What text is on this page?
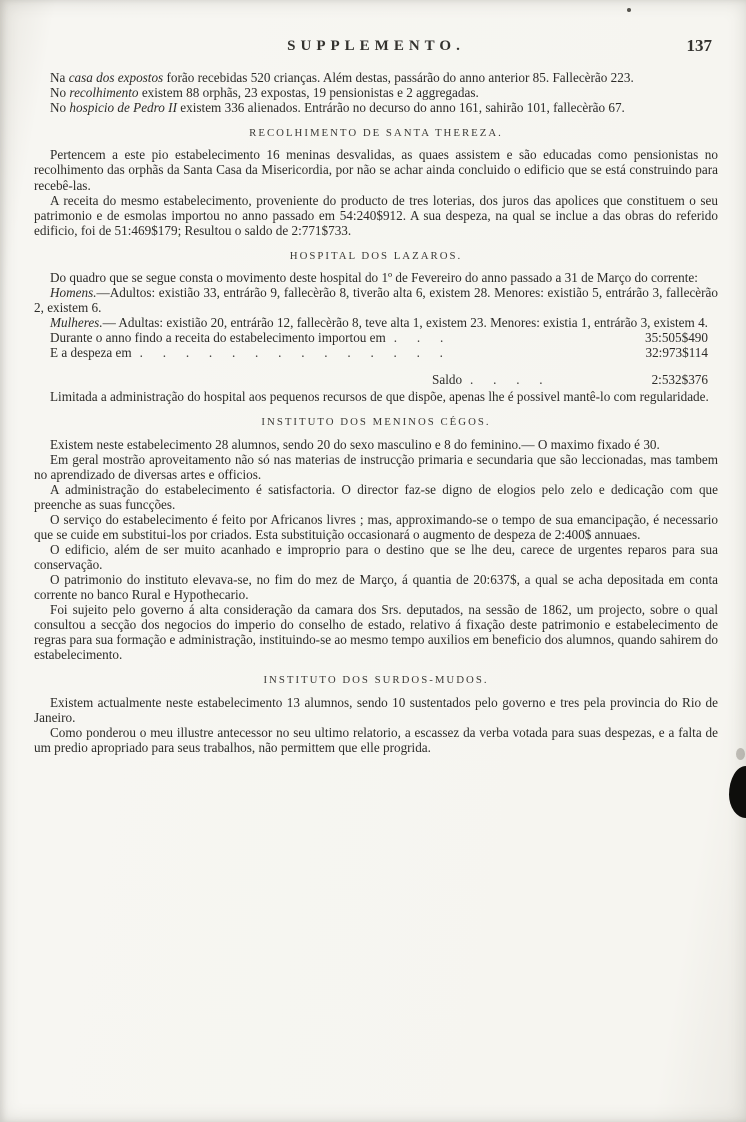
SUPPLEMENTO.	137

Na casa dos expostos forão recebidas 520 crianças. Além destas, passárão do anno anterior 85. Fallecèrão 223.

No recolhimento existem 88 orphãs, 23 expostas, 19 pensionistas e 2 aggregadas.

No hospicio de Pedro II existem 336 alienados. Entrárão no decurso do anno 161, sahirão 101, fallecèrão 67.

RECOLHIMENTO DE SANTA THEREZA.

Pertencem a este pio estabelecimento 16 meninas desvalidas, as quaes assistem e são educadas como pensionistas no recolhimento das orphãs da Santa Casa da Misericordia, por não se achar ainda concluido o edificio que se está construindo para recebê-las.

A receita do mesmo estabelecimento, proveniente do producto de tres loterias, dos juros das apolices que constituem o seu patrimonio e de esmolas importou no anno passado em 54:240$912. A sua despeza, na qual se inclue a das obras do referido edificio, foi de 51:469$179; Resultou o saldo de 2:771$733.

HOSPITAL DOS LAZAROS.

Do quadro que se segue consta o movimento deste hospital do 1º de Fevereiro do anno passado a 31 de Março do corrente:

Homens.—Adultos: existião 33, entrárão 9, fallecèrão 8, tiverão alta 6, existem 28. Menores: existião 5, entrárão 3, fallecèrão 2, existem 6.

Mulheres.— Adultas: existião 20, entrárão 12, fallecèrão 8, teve alta 1, existem 23. Menores: existia 1, entrárão 3, existem 4.

Durante o anno findo a receita do estabelecimento importou em .      .      .	35:505$490
E a despeza em .      .      .      .      .      .      .      .      .      .      .      .      .      .	32:973$114
Saldo .      .      .      .	2:532$376

Limitada a administração do hospital aos pequenos recursos de que dispõe, apenas lhe é possivel mantê-lo com regularidade.

INSTITUTO DOS MENINOS CÉGOS.

Existem neste estabelecimento 28 alumnos, sendo 20 do sexo masculino e 8 do feminino.— O maximo fixado é 30.

Em geral mostrão aproveitamento não só nas materias de instrucção primaria e secundaria que são leccionadas, mas tambem no aprendizado de diversas artes e officios.

A administração do estabelecimento é satisfactoria. O director faz-se digno de elogios pelo zelo e dedicação com que preenche as suas funcções.

O serviço do estabelecimento é feito por Africanos livres ; mas, approximando-se o tempo de sua emancipação, é necessario que se cuide em substitui-los por criados. Esta substituição occasionará o augmento de despeza de 2:400$ annuaes.

O edificio, além de ser muito acanhado e improprio para o destino que se lhe deu, carece de urgentes reparos para sua conservação.

O patrimonio do instituto elevava-se, no fim do mez de Março, á quantia de 20:637$, a qual se acha depositada em conta corrente no banco Rural e Hypothecario.

Foi sujeito pelo governo á alta consideração da camara dos Srs. deputados, na sessão de 1862, um projecto, sobre o qual consultou a secção dos negocios do imperio do conselho de estado, relativo á fixação deste patrimonio e estabelecimento de regras para sua formação e administração, instituindo-se ao mesmo tempo auxilios em beneficio dos alumnos, quando sahirem do estabelecimento.

INSTITUTO DOS SURDOS-MUDOS.

Existem actualmente neste estabelecimento 13 alumnos, sendo 10 sustentados pelo governo e tres pela provincia do Rio de Janeiro.

Como ponderou o meu illustre antecessor no seu ultimo relatorio, a escassez da verba votada para suas despezas, e a falta de um predio apropriado para seus trabalhos, não permittem que elle progrida.
